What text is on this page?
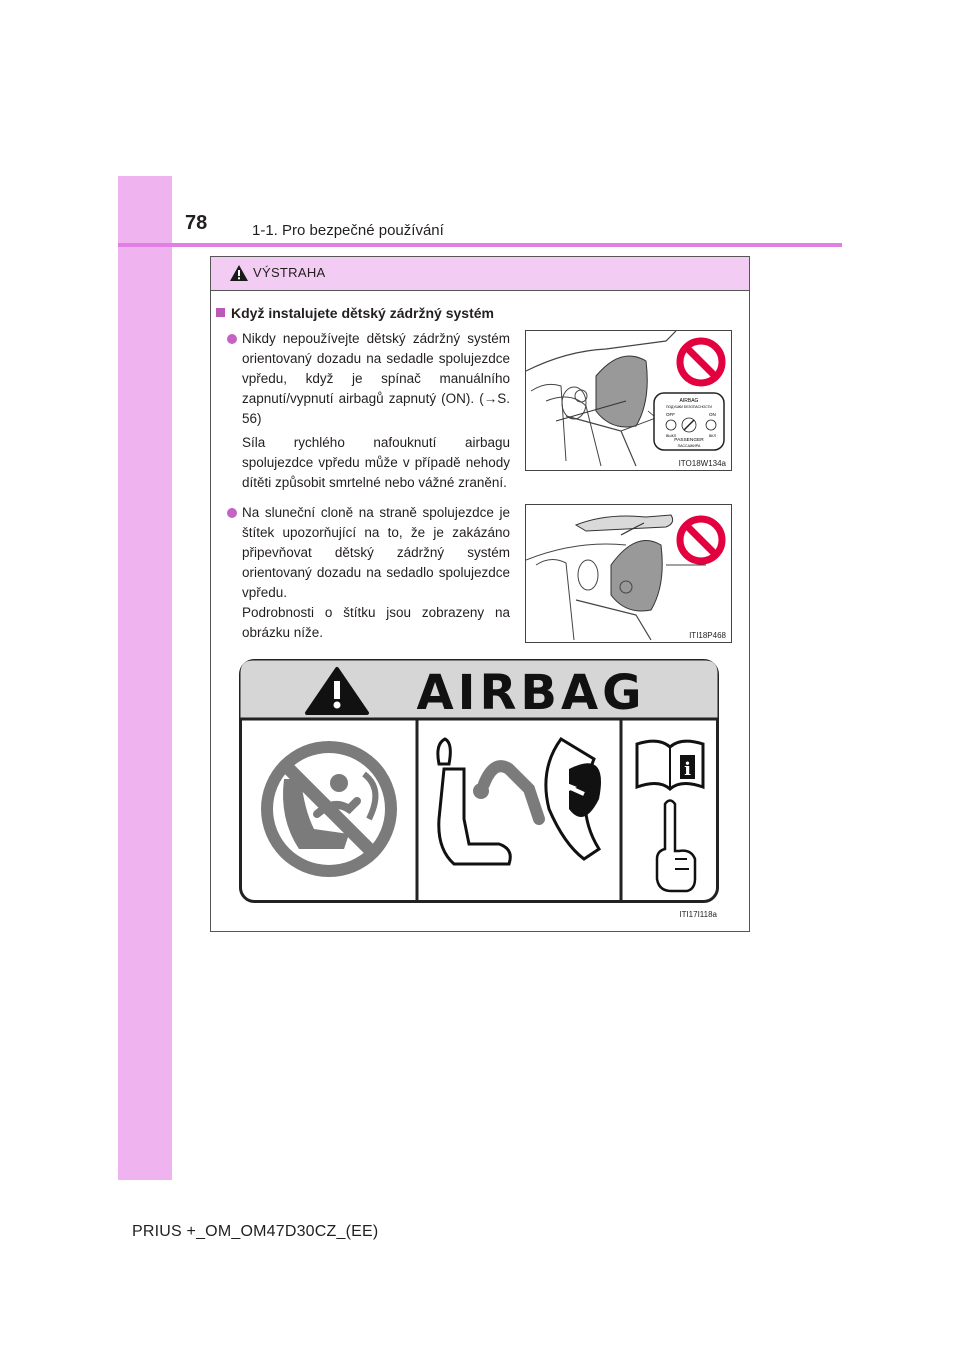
78	1-1. Pro bezpečné používání
VÝSTRAHA
Když instalujete dětský zádržný systém

Nikdy nepoužívejte dětský zádržný systém orientovaný dozadu na sedadle spolujezdce vpředu, když je spínač manuálního zapnutí/vypnutí airbagů zapnutý (ON). (→S. 56)

Síla rychlého nafouknutí airbagu spolujezdce vpředu může v případě nehody dítěti způsobit smrtelné nebo vážné zranění.

AIRBAG
ПОДУШКИ БЕЗОПАСНОСТИ
OFF	ON
ВЫКЛ	ВКЛ
PASSENGER
ПАССАЖИРА
ITO18W134a

Na sluneční cloně na straně spolujezdce je štítek upozorňující na to, že je zakázáno připevňovat dětský zádržný systém orientovaný dozadu na sedadlo spolujezdce vpředu.

Podrobnosti o štítku jsou zobrazeny na obrázku níže.	ITI18P468
AIRBAG
i
ITI17I118a
PRIUS +_OM_OM47D30CZ_(EE)
